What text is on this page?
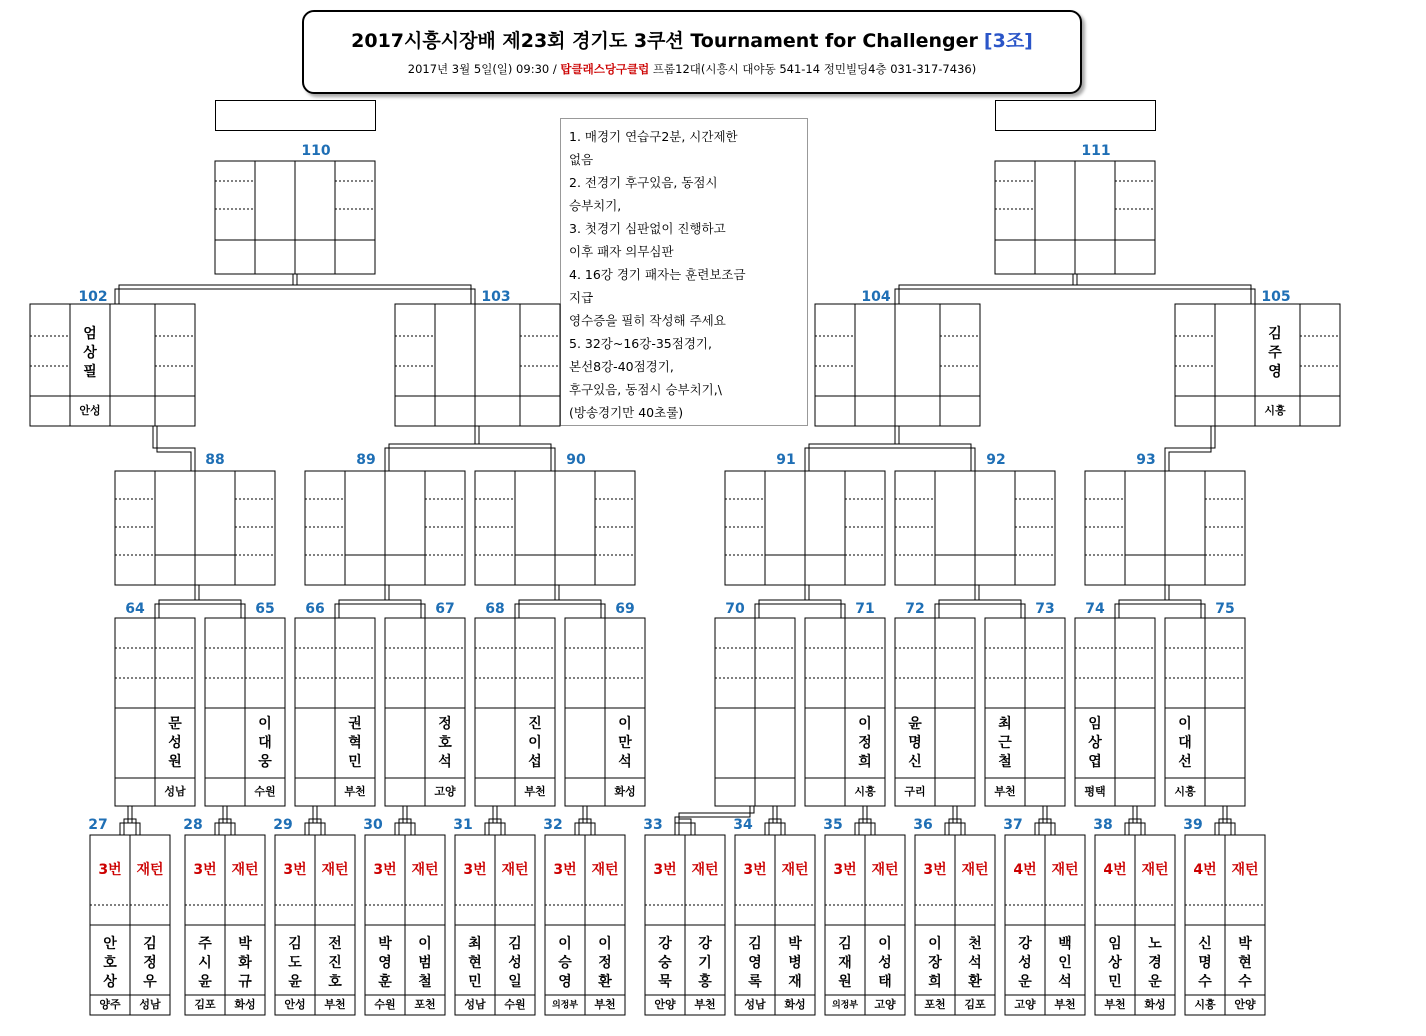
2017시흥시장배 제23회 경기도 3쿠션 Tournament for Challenger [3조]
2017년 3월 5일(일) 09:30 / 탑클래스당구클럽 프롬12대(시흥시 대야동 541-14 정민빌딩4층 031-317-7436)
1. 매경기 연습구2분, 시간제한
없음
2. 전경기 후구있음, 동점시
승부치기,
3. 첫경기 심판없이 진행하고
이후 패자 의무심판
4. 16강 경기 패자는 훈련보조금
지급
영수증을 필히 작성해 주세요
5. 32강~16강-35점경기,
본선8강-40점경기,
후구있음, 동점시 승부치기,\
(방송경기만 40초룰)
3번 재턴
안 호 상
김 정 우
양주 성남
27
3번 재턴
주 시 윤
박 화 규
김포 화성
28
3번 재턴
김 도 윤
전 진 호
안성 부천
29
3번 재턴
박 영 훈
이 범 철
수원 포천
30
3번 재턴
최 현 민
김 성 일
성남 수원
31
3번 재턴
이 승 영
이 정 환
의정부 부천
32
3번 재턴
강 숭 묵
강 기 홍
안양 부천
33
3번 재턴
김 영 록
박 병 재
성남 화성
34
3번 재턴
김 재 원
이 성 태
의정부 고양
35
3번 재턴
이 장 희
천 석 환
포천 김포
36
4번 재턴
강 성 운
백 인 석
고양 부천
37
4번 재턴
임 상 민
노 경 운
부천 화성
38
4번 재턴
신 명 수
박 현 수
시흥 안양
39
문 성 원
성남
64
이 대 웅
수원
65
권 혁 민
부천
66
정 호 석
고양
67
진 이 섭
부천
68
이 만 석
화성
69	70
이 정 희
시흥
71
윤 명 신
구리
72
최 근 철
부천
73
임 상 엽
평택
74
이 대 선
시흥
75
88	89	90	91	92	93
엄 상 필
안성
김 주 영
시흥
102	103	104	105
110	111
